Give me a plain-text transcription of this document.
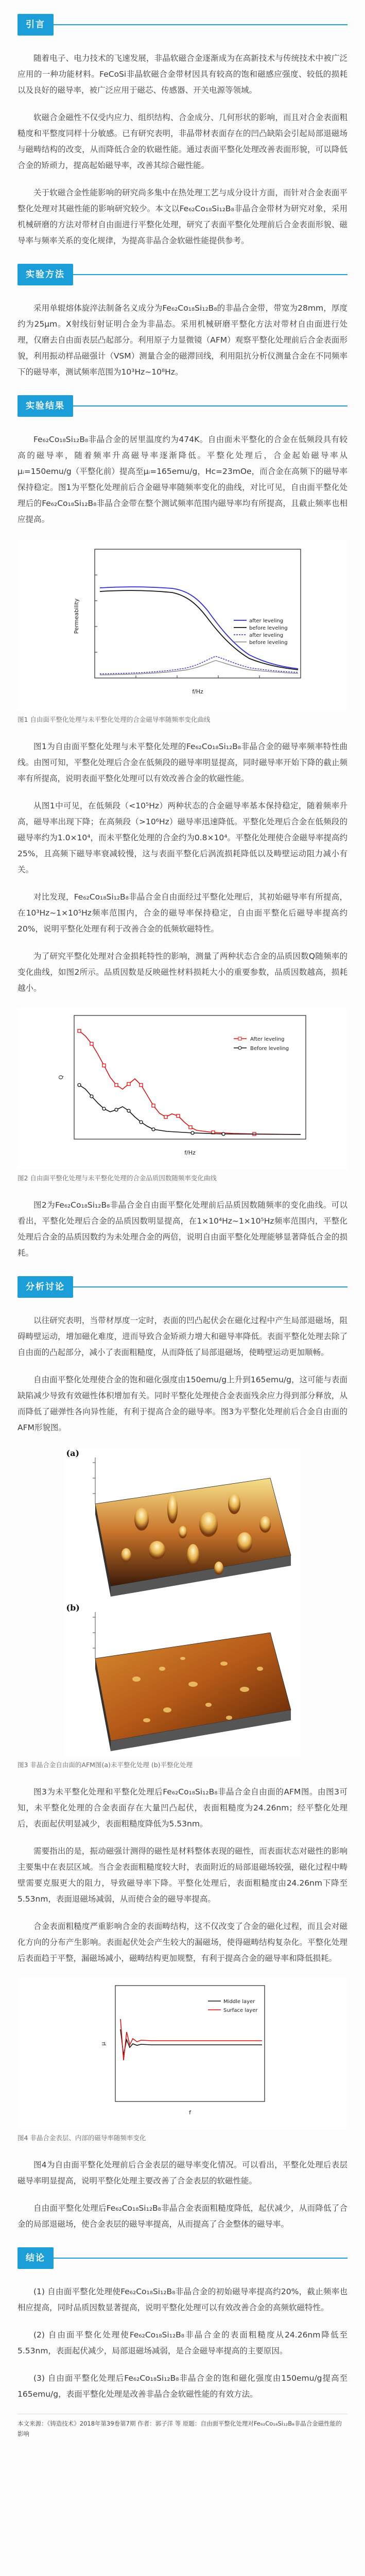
引言

随着电子、电力技术的飞速发展，非晶软磁合金逐渐成为在高新技术与传统技术中被广泛应用的一种功能材料。FeCoSi非晶软磁合金带材因具有较高的饱和磁感应强度、较低的损耗以及良好的磁导率，被广泛应用于磁芯、传感器、开关电源等领域。

软磁合金磁性不仅受内应力、组织结构、合金成分、几何形状的影响，而且对合金表面粗糙度和平整度同样十分敏感。已有研究表明，非晶带材表面存在的凹凸缺陷会引起局部退磁场与磁畴结构的改变，从而降低合金的软磁性能。通过表面平整化处理改善表面形貌，可以降低合金的矫顽力，提高起始磁导率，改善其综合磁性能。

关于软磁合金性能影响的研究尚多集中在热处理工艺与成分设计方面，而针对合金表面平整化处理对其磁性能的影响研究较少。本文以Fe₆₂Co₁₈Si₁₂B₈非晶合金带材为研究对象，采用机械研磨的方法对带材自由面进行平整化处理，研究了表面平整化处理前后合金表面形貌、磁导率与频率关系的变化规律，为提高非晶合金软磁性能提供参考。

实验方法

采用单辊熔体旋淬法制备名义成分为Fe₆₂Co₁₈Si₁₂B₈的非晶合金带，带宽为28mm，厚度约为25μm。X射线衍射证明合金为非晶态。采用机械研磨平整化方法对带材自由面进行处理，仅磨去自由面表层凸起部分。利用原子力显微镜（AFM）观察平整化处理前后合金表面形貌，利用振动样品磁强计（VSM）测量合金的磁滞回线，利用阻抗分析仪测量合金在不同频率下的磁导率，测试频率范围为10³Hz~10⁸Hz。

实验结果

Fe₆₂Co₁₈Si₁₂B₈非晶合金的居里温度约为474K。自由面未平整化的合金在低频段具有较高的磁导率，随着频率升高磁导率逐渐降低。平整化处理后，合金起始磁导率从μᵢ=150emu/g（平整化前）提高至μᵢ=165emu/g，Hc=23mOe，而合金在高频下的磁导率保持稳定。图1为平整化处理前后合金磁导率随频率变化的曲线，对比可见，自由面平整化处理后的Fe₆₂Co₁₈Si₁₂B₈非晶合金带在整个测试频率范围内磁导率均有所提高，且截止频率也相应提高。

Permeability
f/Hz
after leveling
before leveling
after leveling
before leveling
图1 自由面平整化处理与未平整化处理的合金磁导率随频率变化曲线

图1为自由面平整化处理与未平整化处理的Fe₆₂Co₁₈Si₁₂B₈非晶合金的磁导率频率特性曲线。由图可知，平整化处理后合金在低频段的磁导率明显提高，同时磁导率开始下降的截止频率有所提高，说明表面平整化处理可以有效改善合金的软磁性能。

从图1中可见，在低频段（<10⁵Hz）两种状态的合金磁导率基本保持稳定，随着频率升高，磁导率出现下降；在高频段（>10⁶Hz）磁导率迅速降低。平整化处理后合金在低频段的磁导率约为1.0×10⁴，而未平整化处理的合金约为0.8×10⁴。平整化处理使合金磁导率提高约25%，且高频下磁导率衰减较慢，这与表面平整化后涡流损耗降低以及畴壁运动阻力减小有关。

对比发现，Fe₆₂Co₁₈Si₁₂B₈非晶合金自由面经过平整化处理后，其初始磁导率有所提高，在10³Hz~1×10⁵Hz频率范围内，合金的磁导率保持稳定，自由面平整化后磁导率提高约20%，说明平整化处理有利于改善合金的低频软磁特性。

为了研究平整化处理对合金损耗特性的影响，测量了两种状态合金的品质因数Q随频率的变化曲线，如图2所示。品质因数是反映磁性材料损耗大小的重要参数，品质因数越高，损耗越小。

Q
f/Hz
After leveling
Before leveling
图2 自由面平整化处理与未平整化处理的合金品质因数随频率变化曲线

图2为Fe₆₂Co₁₈Si₁₂B₈非晶合金自由面平整化处理前后品质因数随频率的变化曲线。可以看出，平整化处理后合金的品质因数明显提高，在1×10⁴Hz~1×10⁵Hz频率范围内，平整化处理后合金的品质因数约为未处理合金的两倍，说明自由面平整化处理能够显著降低合金的损耗。

分析讨论

以往研究表明，当带材厚度一定时，表面的凹凸起伏会在磁化过程中产生局部退磁场，阻碍畴壁运动，增加磁化难度，进而导致合金矫顽力增大和磁导率降低。表面平整化处理去除了自由面的凸起部分，减小了表面粗糙度，从而降低了局部退磁场，使畴壁运动更加顺畅。

自由面平整化处理使合金的饱和磁化强度由150emu/g上升到165emu/g，这可能与表面缺陷减少导致有效磁性体积增加有关。同时平整化处理使合金表面残余应力得到部分释放，从而降低了磁弹性各向异性能，有利于提高合金的磁导率。图3为平整化处理前后合金自由面的AFM形貌图。

(a)
(b)
图3 非晶合金自由面的AFM图(a)未平整化处理 (b)平整化处理

图3为未平整化处理和平整化处理后Fe₆₂Co₁₈Si₁₂B₈非晶合金自由面的AFM图。由图3可知，未平整化处理的合金表面存在大量凹凸起伏，表面粗糙度为24.26nm；经平整化处理后，表面起伏明显减少，表面粗糙度降低为5.53nm。

需要指出的是，振动磁强计测得的磁性是材料整体表现的磁性，而表面状态对磁性的影响主要集中在表层区域。当合金表面粗糙度较大时，表面附近的局部退磁场较强，磁化过程中畴壁需要克服更大的阻力，导致磁导率下降。平整化处理后，表面粗糙度由24.26nm下降至5.53nm，表面退磁场减弱，从而使合金的磁导率提高。

合金表面粗糙度严重影响合金的表面畴结构，这不仅改变了合金的磁化过程，而且会对磁化方向的分布产生影响。表面起伏处会产生较大的漏磁场，使得磁畴结构复杂化。平整化处理后表面趋于平整，漏磁场减小，磁畴结构更加规整，有利于提高合金的磁导率和降低损耗。

μ
f
Middle layer
Surface layer
图4 非晶合金表层、内部的磁导率随频率变化

图4为自由面平整化处理前后合金表层的磁导率变化情况。可以看出，平整化处理后表层磁导率明显提高，说明平整化处理主要改善了合金表层的软磁性能。

自由面平整化处理后Fe₆₂Co₁₈Si₁₂B₈非晶合金表面粗糙度降低，起伏减少，从而降低了合金的局部退磁场，使合金表层的磁导率提高，从而提高了合金整体的磁导率。

结论

(1) 自由面平整化处理使Fe₆₂Co₁₈Si₁₂B₈非晶合金的初始磁导率提高约20%，截止频率也相应提高，同时品质因数显著提高，说明平整化处理可以有效改善合金的高频软磁特性。

(2) 自由面平整化处理使Fe₆₂Co₁₈Si₁₂B₈非晶合金的表面粗糙度从24.26nm降低至5.53nm，表面起伏减少，局部退磁场减弱，是合金磁导率提高的主要原因。

(3) 自由面平整化处理后Fe₆₂Co₁₈Si₁₂B₈非晶合金的饱和磁化强度由150emu/g提高至165emu/g，表面平整化处理是改善非晶合金软磁性能的有效方法。

本文来源：《铸造技术》2018年第39卷第7期 作者：郭子洋 等 原题：自由面平整化处理对Fe₆₂Co₁₈Si₁₂B₈非晶合金磁性能的影响
